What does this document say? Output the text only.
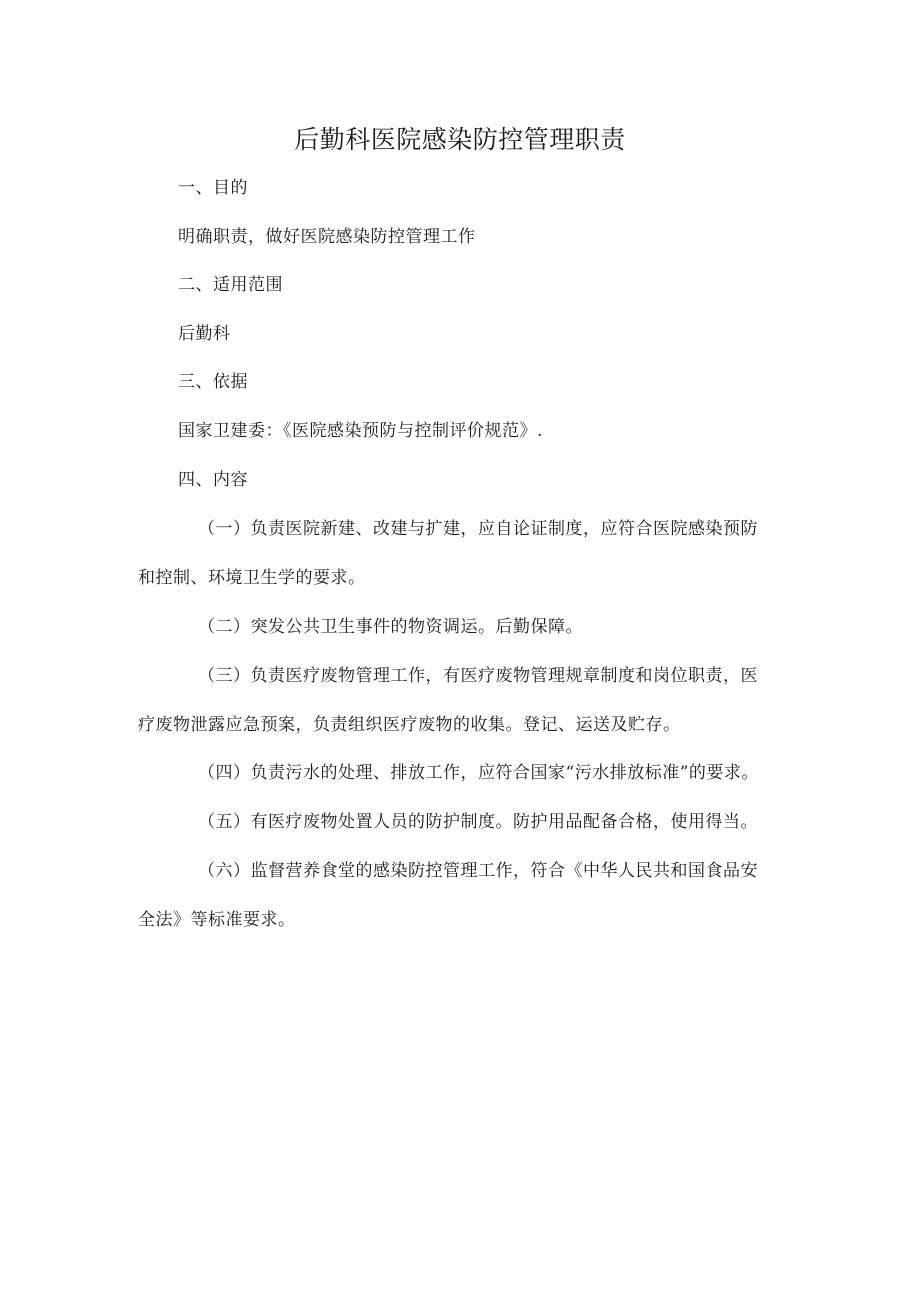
后勤科医院感染防控管理职责

一、目的

明确职责，做好医院感染防控管理工作

二、适用范围

后勤科

三、依据

国家卫建委：《医院感染预防与控制评价规范》.

四、内容

（一）负责医院新建、改建与扩建，应自论证制度，应符合医院感染预防

和控制、环境卫生学的要求。

（二）突发公共卫生事件的物资调运。后勤保障。

（三）负责医疗废物管理工作，有医疗废物管理规章制度和岗位职责，医

疗废物泄露应急预案，负责组织医疗废物的收集。登记、运送及贮存。

（四）负责污水的处理、排放工作，应符合国家“污水排放标准”的要求。

（五）有医疗废物处置人员的防护制度。防护用品配备合格，使用得当。

（六）监督营养食堂的感染防控管理工作，符合《中华人民共和国食品安

全法》等标准要求。
